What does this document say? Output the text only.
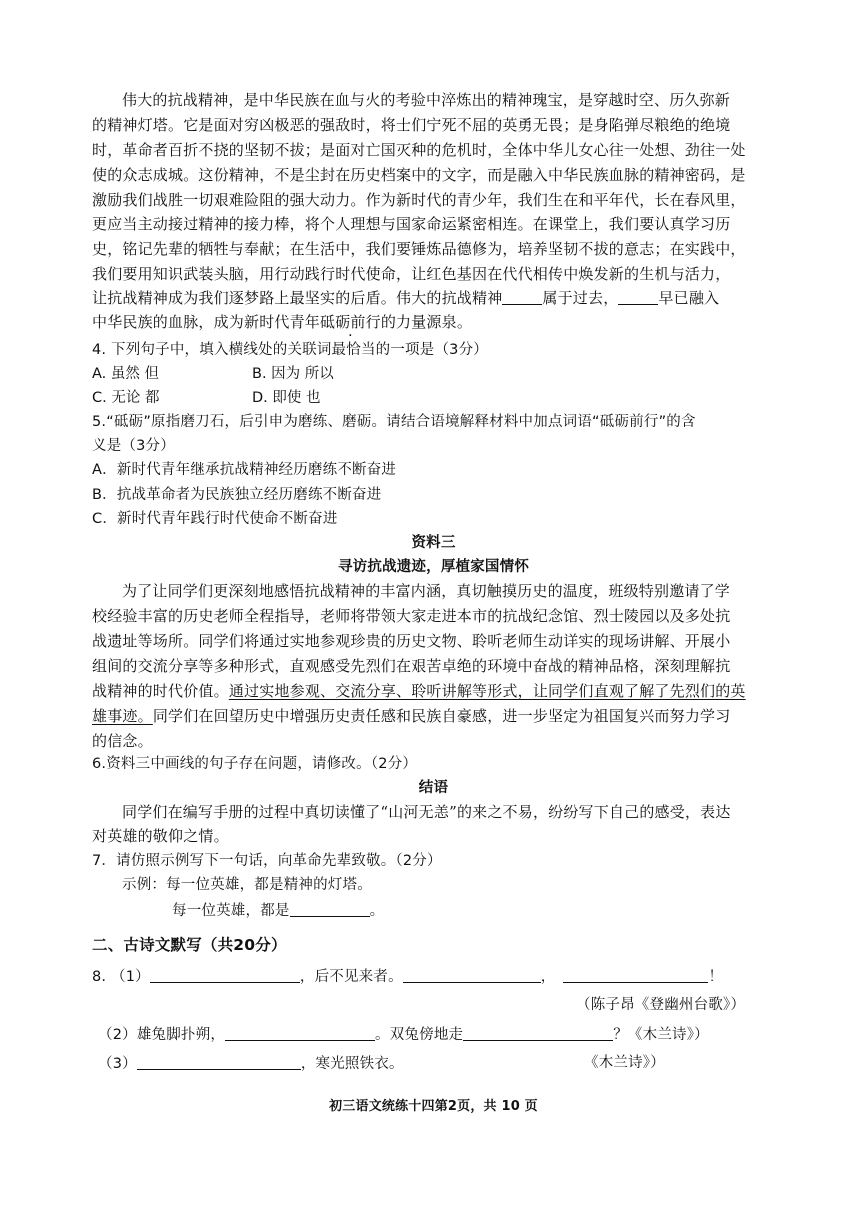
伟大的抗战精神，是中华民族在血与火的考验中淬炼出的精神瑰宝，是穿越时空、历久弥新
的精神灯塔。它是面对穷凶极恶的强敌时，将士们宁死不屈的英勇无畏；是身陷弹尽粮绝的绝境
时，革命者百折不挠的坚韧不拔；是面对亡国灭种的危机时，全体中华儿女心往一处想、劲往一处
使的众志成城。这份精神，不是尘封在历史档案中的文字，而是融入中华民族血脉的精神密码，是
激励我们战胜一切艰难险阻的强大动力。作为新时代的青少年，我们生在和平年代，长在春风里，
更应当主动接过精神的接力棒，将个人理想与国家命运紧密相连。在课堂上，我们要认真学习历
史，铭记先辈的牺牲与奉献；在生活中，我们要锤炼品德修为，培养坚韧不拔的意志；在实践中，
我们要用知识武装头脑，用行动践行时代使命，让红色基因在代代相传中焕发新的生机与活力，
让抗战精神成为我们逐梦路上最坚实的后盾。伟大的抗战精神	属于过去，	早已融入
中华民族的血脉，成为新时代青年砥砺前行的力量源泉。
4. 下列句子中，填入横线处的关联词最恰当的一项是（3分）
A. 虽然 但	B. 因为 所以
C. 无论 都	D. 即使 也
5.“砥砺”原指磨刀石，后引申为磨练、磨砺。请结合语境解释材料中加点词语“砥砺前行”的含
义是（3分）
A．新时代青年继承抗战精神经历磨练不断奋进
B．抗战革命者为民族独立经历磨练不断奋进
C．新时代青年践行时代使命不断奋进
资料三
寻访抗战遗迹，厚植家国情怀
为了让同学们更深刻地感悟抗战精神的丰富内涵，真切触摸历史的温度，班级特别邀请了学
校经验丰富的历史老师全程指导，老师将带领大家走进本市的抗战纪念馆、烈士陵园以及多处抗
战遗址等场所。同学们将通过实地参观珍贵的历史文物、聆听老师生动详实的现场讲解、开展小
组间的交流分享等多种形式，直观感受先烈们在艰苦卓绝的环境中奋战的精神品格，深刻理解抗
战精神的时代价值。通过实地参观、交流分享、聆听讲解等形式，让同学们直观了解了先烈们的英
雄事迹。同学们在回望历史中增强历史责任感和民族自豪感，进一步坚定为祖国复兴而努力学习
的信念。
6.资料三中画线的句子存在问题，请修改。（2分）
结语
同学们在编写手册的过程中真切读懂了“山河无恙”的来之不易，纷纷写下自己的感受，表达
对英雄的敬仰之情。
7．请仿照示例写下一句话，向革命先辈致敬。（2分）
示例：每一位英雄，都是精神的灯塔。
每一位英雄，都是	。
二、古诗文默写（共20分）
8. （1）	，后不见来者。	，	！
（陈子昂《登幽州台歌》）
（2）雄兔脚扑朔，	。双兔傍地走	？《木兰诗》）
（3）	，寒光照铁衣。	《木兰诗》）
初三语文统练十四第2页，共 10 页
